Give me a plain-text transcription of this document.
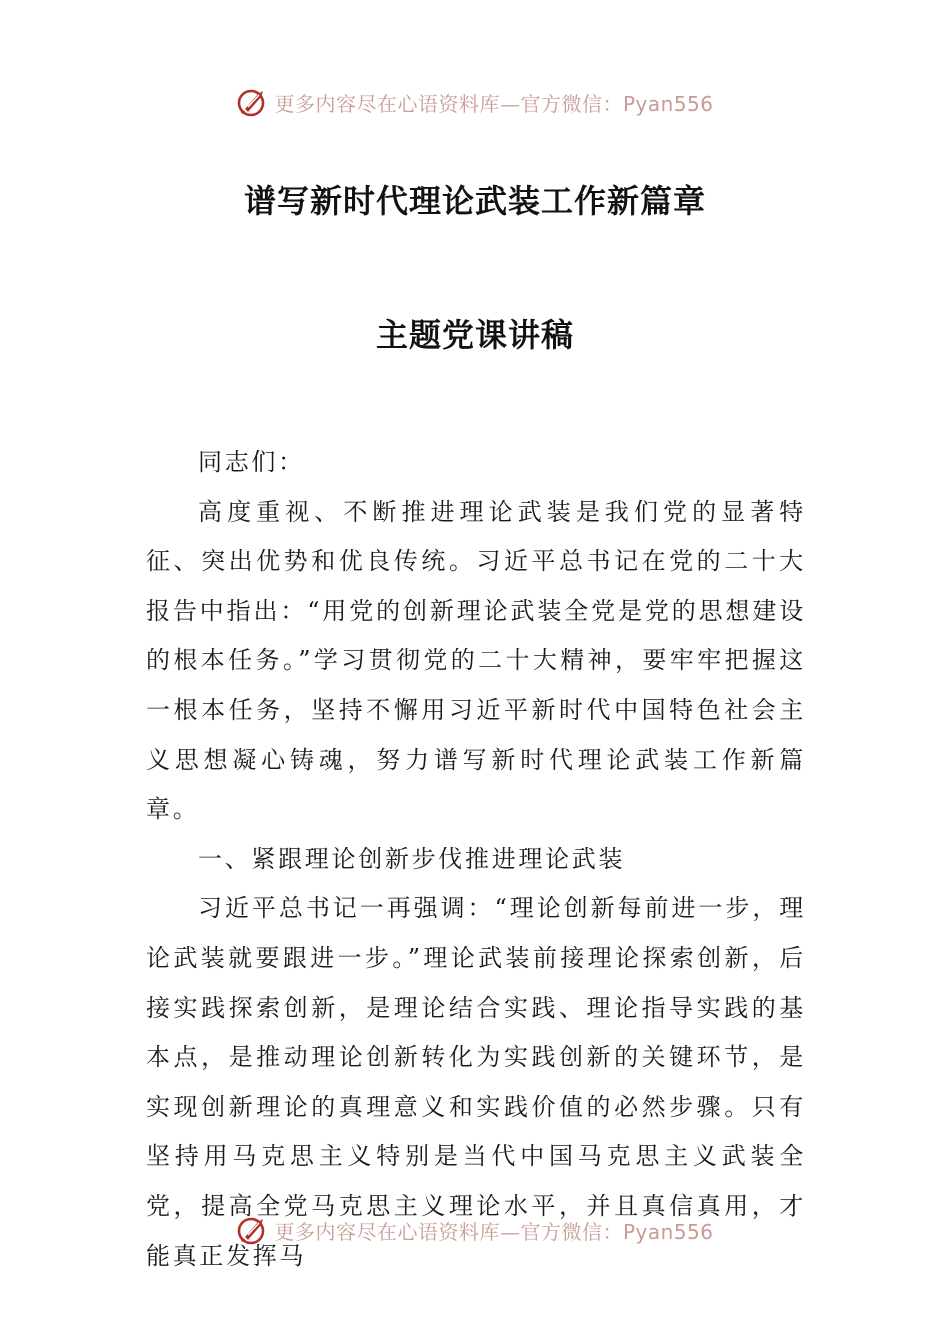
更多内容尽在心语资料库—官方微信：Pyan556
谱写新时代理论武装工作新篇章
主题党课讲稿

同志们：

高度重视、不断推进理论武装是我们党的显著特征、突出优势和优良传统。习近平总书记在党的二十大报告中指出：“用党的创新理论武装全党是党的思想建设的根本任务。”学习贯彻党的二十大精神，要牢牢把握这一根本任务，坚持不懈用习近平新时代中国特色社会主义思想凝心铸魂，努力谱写新时代理论武装工作新篇章。

一、紧跟理论创新步伐推进理论武装

习近平总书记一再强调：“理论创新每前进一步，理论武装就要跟进一步。”理论武装前接理论探索创新，后接实践探索创新，是理论结合实践、理论指导实践的基本点，是推动理论创新转化为实践创新的关键环节，是实现创新理论的真理意义和实践价值的必然步骤。只有坚持用马克思主义特别是当代中国马克思主义武装全党，提高全党马克思主义理论水平，并且真信真用，才能真正发挥马

更多内容尽在心语资料库—官方微信：Pyan556
